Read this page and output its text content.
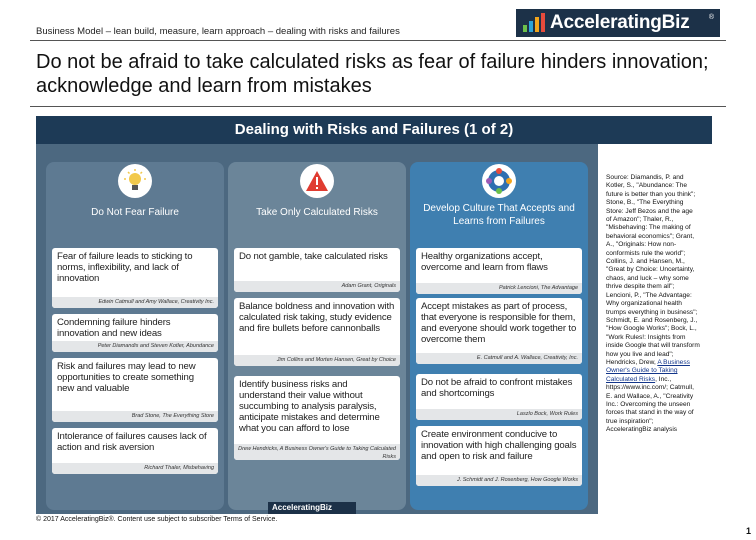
Business Model – lean build, measure, learn approach – dealing with risks and failures	AcceleratingBiz	®
Do not be afraid to take calculated risks as fear of failure hinders innovation; acknowledge and learn from mistakes
Dealing with Risks and Failures (1 of 2)
Do Not Fear Failure
Fear of failure leads to sticking to norms, inflexibility, and lack of innovation
Edwin Catmull and Amy Wallace, Creativity Inc.
Condemning failure hinders innovation and new ideas
Peter Diamandis and Steven Kotler, Abundance
Risk and failures may lead to new opportunities to create something new and valuable
Brad Stone, The Everything Store
Intolerance of failures causes lack of action and risk aversion
Richard Thaler, Misbehaving
Take Only Calculated Risks
Do not gamble, take calculated risks
Adam Grant, Originals
Balance boldness and innovation with calculated risk taking, study evidence and fire bullets before cannonballs
Jim Collins and Morten Hansen, Great by Choice
Identify business risks and understand their value without succumbing to analysis paralysis, anticipate mistakes and determine what you can afford to lose
Drew Hendricks, A Business Owner's Guide to Taking Calculated Risks
Develop Culture That Accepts and Learns from Failures
Healthy organizations accept, overcome and learn from flaws
Patrick Lencioni, The Advantage
Accept mistakes as part of process, that everyone is responsible for them, and everyone should work together to overcome them
E. Catmull and A. Wallace, Creativity, Inc.
Do not be afraid to confront mistakes and shortcomings
Laszlo Bock, Work Rules
Create environment conducive to innovation with high challenging goals and open to risk and failure
J. Schmidt and J. Rosenberg, How Google Works
AcceleratingBiz
Source: Diamandis, P. and Kotler, S., "Abundance: The future is better than you think"; Stone, B., "The Everything Store: Jeff Bezos and the age of Amazon"; Thaler, R., "Misbehaving: The making of behavioral economics"; Grant, A., "Originals: How non-conformists rule the world"; Collins, J. and Hansen, M., "Great by Choice: Uncertainty, chaos, and luck – why some thrive despite them all"; Lencioni, P., "The Advantage: Why organizational health trumps everything in business"; Schmidt, E. and Rosenberg, J., "How Google Works"; Bock, L., "Work Rules!: Insights from inside Google that will transform how you live and lead"; Hendricks, Drew, A Business Owner's Guide to Taking Calculated Risks, Inc., https://www.inc.com/; Catmull, E. and Wallace, A., "Creativity Inc.: Overcoming the unseen forces that stand in the way of true inspiration"; AcceleratingBiz analysis
© 2017 AcceleratingBiz®. Content use subject to subscriber Terms of Service.
1
